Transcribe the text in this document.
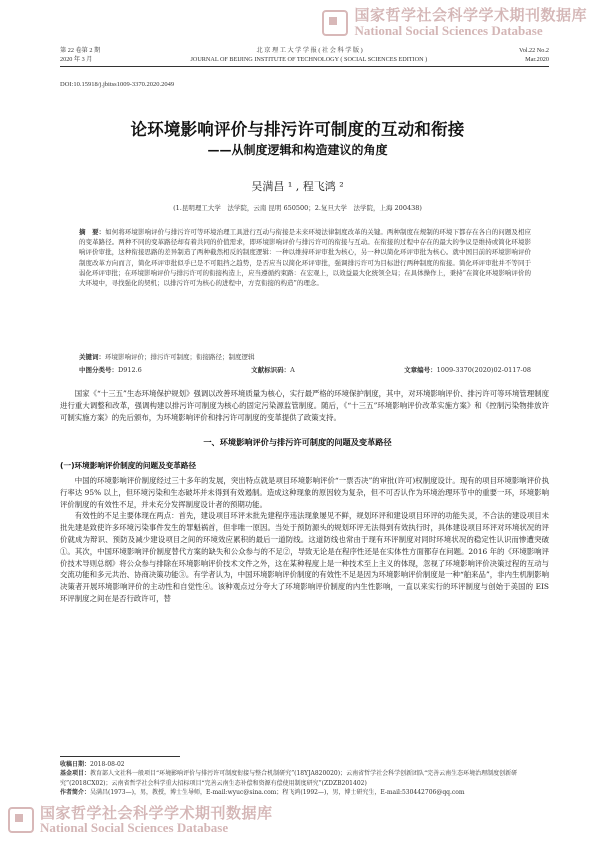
国家哲学社会科学学术期刊数据库
National Social Sciences Database
第 22 卷第 2 期	北 京 理 工 大 学 学 报 ( 社 会 科 学 版 )	Vol.22 No.2
2020 年 3 月	JOURNAL OF BEIJING INSTITUTE OF TECHNOLOGY ( SOCIAL SCIENCES EDITION )	Mar.2020
DOI:10.15918/j.jbitss1009-3370.2020.2049
论环境影响评价与排污许可制度的互动和衔接
——从制度逻辑和构造建议的角度
吴满昌 ¹ , 程飞鸿 ²
(1.昆明理工大学　法学院，云南 昆明 650500；2.复旦大学　法学院，上海 200438)
摘　要：如何将环境影响评价与排污许可等环境治理工具进行互动与衔接是未来环境法律制度改革的关键。两种制度在规制的环境下都存在各自的问题及相应的变革路径。两种不同的变革路径却有着共同的价值需求，即环境影响评价与排污许可的衔接与互动。在衔接的过程中存在的最大的争议是维持或简化环境影响评价审批，这种衔接思路的差异制造了两种截然相反的制度逻辑：一种以维持环评审批为核心，另一种以简化环评审批为核心。就中国目前的环境影响评价制度改革方向而言，简化环评审批似乎已是不可阻挡之趋势，是否应当以简化环评审批，强调排污许可为目标进行两种制度的衔接。简化环评审批并不等同于弱化环评审批；在环境影响评价与排污许可的衔接构造上，应当遵循约束路：在宏观上，以效益最大化统领全局；在具体操作上，秉持“在简化环境影响评价的大环境中，寻找强化的契机；以排污许可为核心的进程中，方克衔接的构造”的理念。
关键词： 环境影响评价；排污许可制度；衔接路径；制度逻辑
中图分类号：D912.6	文献标识码：A	文章编号：1009-3370(2020)02-0117-08

国家《“十三五”生态环境保护规划》强调以改善环境质量为核心，实行最严格的环境保护制度，其中，对环境影响评价、排污许可等环境管理制度进行重大调整和改革，强调构建以排污许可制度为核心的固定污染源监管制度。随后，《“十三五”环境影响评价改革实施方案》和《控制污染物排放许可制实施方案》的先后颁布，为环境影响评价和排污许可制度的变革提供了政策支持。

一、环境影响评价与排污许可制度的问题及变革路径
(一)环境影响评价制度的问题及变革路径

中国的环境影响评价制度经过三十多年的发展，突出特点就是项目环境影响评价“一票否决”的审批(许可)权制度设计。现有的项目环境影响评价执行率达 95% 以上，但环境污染和生态破坏并未得到有效遏制。造成这种现象的原因较为复杂，但不可否认作为环境治理环节中的重要一环，环境影响评价制度的有效性不足，并未充分发挥制度设计者的预期功能。

有效性的不足主要体现在两点：首先，建设项目环评未批先建程序违法现象屡见不鲜，规划环评和建设项目环评的功能失灵，不合法的建设项目未批先建是致使许多环境污染事件发生的罪魁祸首，但非唯一原因。当处于预防源头的规划环评无法得到有效执行时，具体建设项目环评对环境状况的评价就成为辩识、预防及减少建设项目之间的环境效应累积的最后一道防线。这道防线也常由于现有环评制度对同时环境状况的稳定性认识而惨遭突破①。其次，中国环境影响评价制度替代方案的缺失和公众参与的不足②，导致无论是在程序性还是在实体性方面都存在问题。2016 年的《环境影响评价技术导则总纲》将公众参与排除在环境影响评价技术文件之外，这在某种程度上是一种技术至上主义的体现，忽视了环境影响评价决策过程的互动与交流功能和多元共治、协商决策功能③。有学者认为，中国环境影响评价制度的有效性不足是因为环境影响评价制度是一种“舶来品”，非内生机制影响决策者开展环境影响评价的主动性和自觉性④。该种观点过分夸大了环境影响评价制度的内生性影响，一直以来实行的环评制度与创始于美国的 EIS 环评制度之间在是否行政许可，替

收稿日期：2018-08-02
基金项目：教育部人文社科一般项目“环境影响评价与排污许可制度衔接与整合机制研究”(18YJA820020)；云南省哲学社会科学创新团队“完善云南生态环境治理制度创新研究”(2018CX02)；云南省哲学社会科学重大招标项目“完善云南生态补偿和资源有偿使用制度研究”(ZDZB201402)
作者简介：吴满昌(1973—)，男，教授，博士生导师，E-mail:wyuc@sina.com；程飞鸿(1992—)，男，博士研究生，E-mail:530442706@qq.com
国家哲学社会科学学术期刊数据库
National Social Sciences Database
